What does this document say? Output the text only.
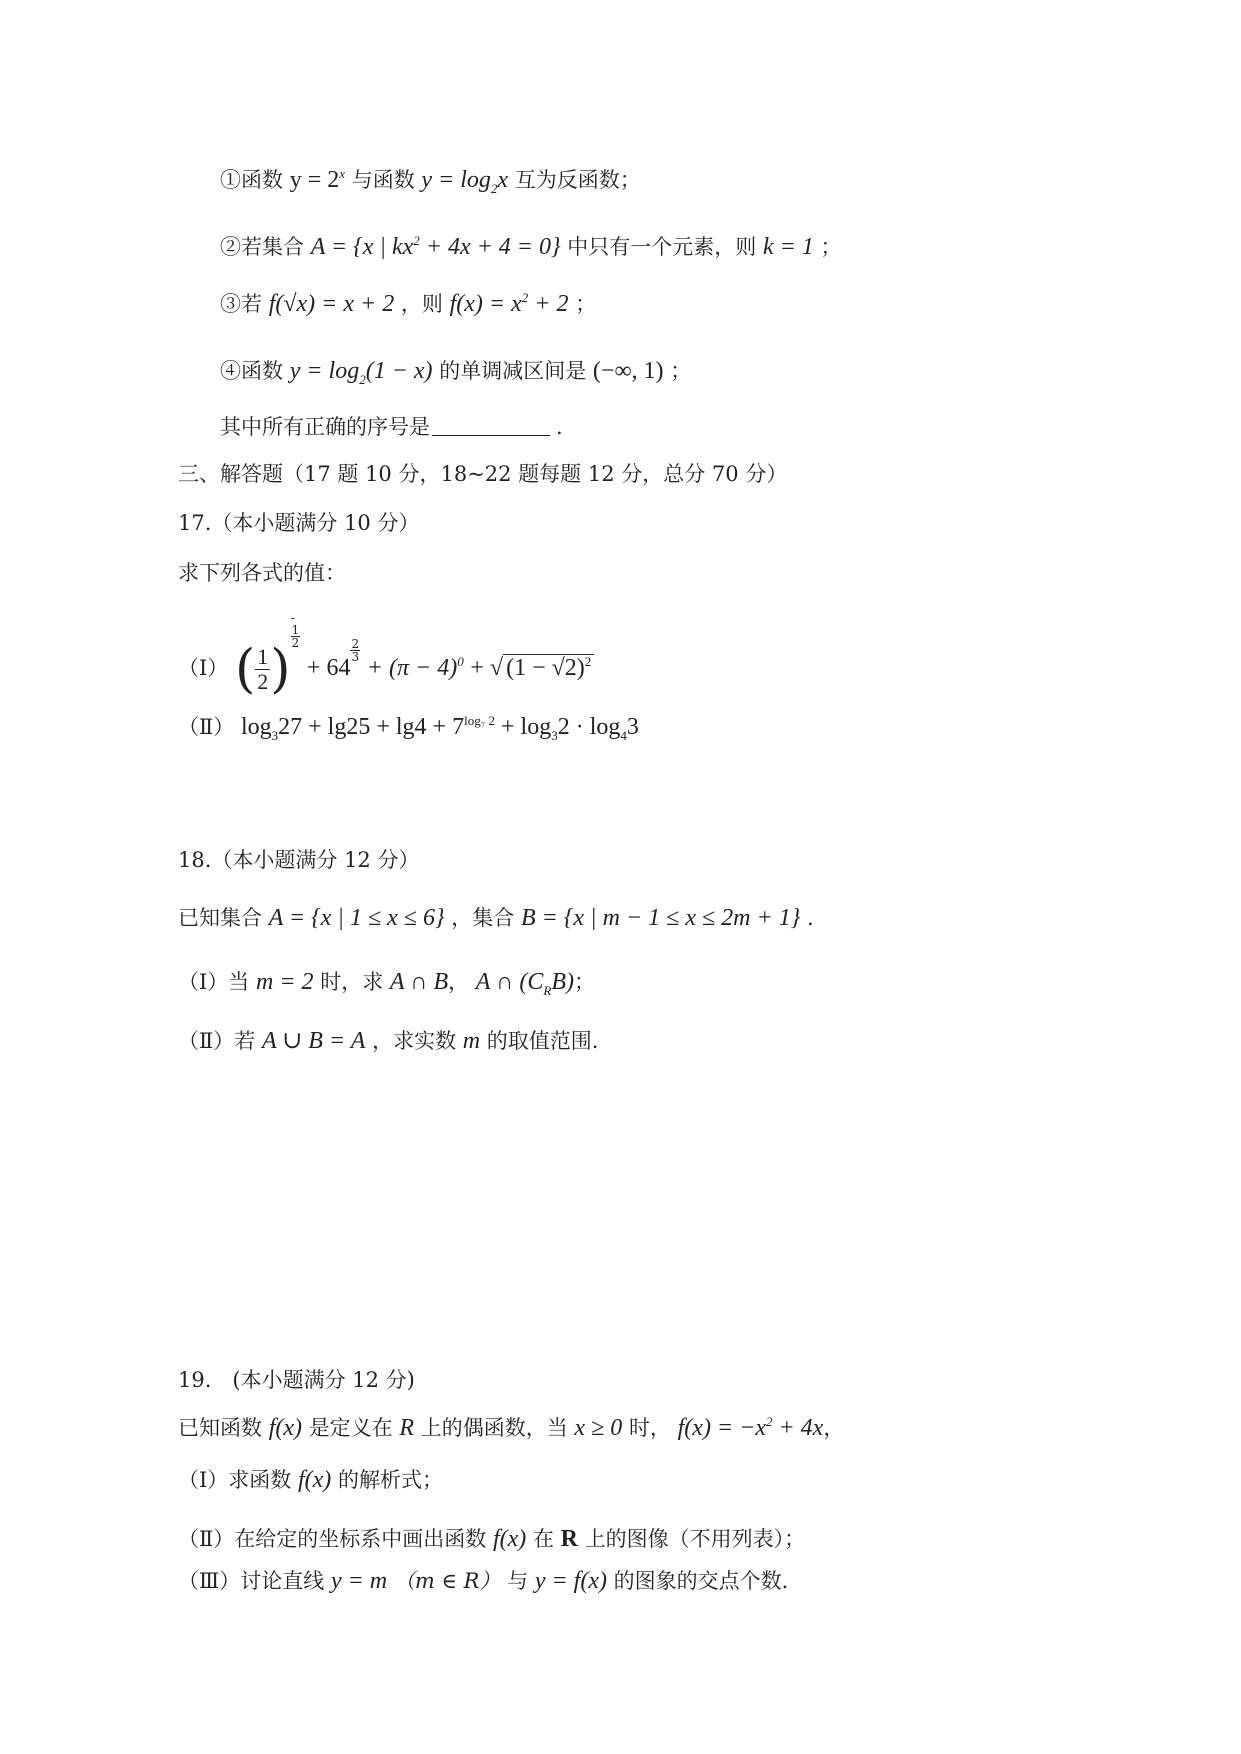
①函数 $y = 2^x$ 与函数 $y = \log_2x$ 互为反函数；
②若集合 A = {x | $kx^2 + 4x + 4 = 0$} 中只有一个元素，则 k = 1 ；
③若 f(√x) = x + 2 ，则 $f(x) = x^2 + 2$ ；
④函数 $y = \log_2(1 - x)$ 的单调减区间是 (−∞, 1) ；
其中所有正确的序号是	.
三、解答题（17 题 10 分，18~22 题每题 12 分，总分 70 分）
17.（本小题满分 10 分）
求下列各式的值：
（Ⅰ） ( $\frac{1}{2}$ )
-
1
2
+ 64
$\frac{2}{3}$
+ $(\pi - 4)^0$ + √ $(1 - √2)^2$
（Ⅱ） $\log_327 + \lg 25 + \lg 4 + 7^{log_7 2} + \log_32 \cdot \log_43$
18.（本小题满分 12 分）
已知集合 A = {x | 1 ≤ x ≤ 6} ，集合 B = {x | m − 1 ≤ x ≤ 2m + 1} .
（Ⅰ）当 m = 2 时，求 A ∩ B， A ∩ $(C_RB)$；
（Ⅱ）若 A ∪ B = A ，求实数 m 的取值范围.
19.　(本小题满分 12 分)
已知函数 f(x) 是定义在 R 上的偶函数，当 x ≥ 0 时， $f(x) = -x^2 + 4x$，
（Ⅰ）求函数 f(x) 的解析式；
（Ⅱ）在给定的坐标系中画出函数 f(x) 在 R 上的图像（不用列表）；
（Ⅲ）讨论直线 y = m （m ∈ R） 与 y = f(x) 的图象的交点个数.
